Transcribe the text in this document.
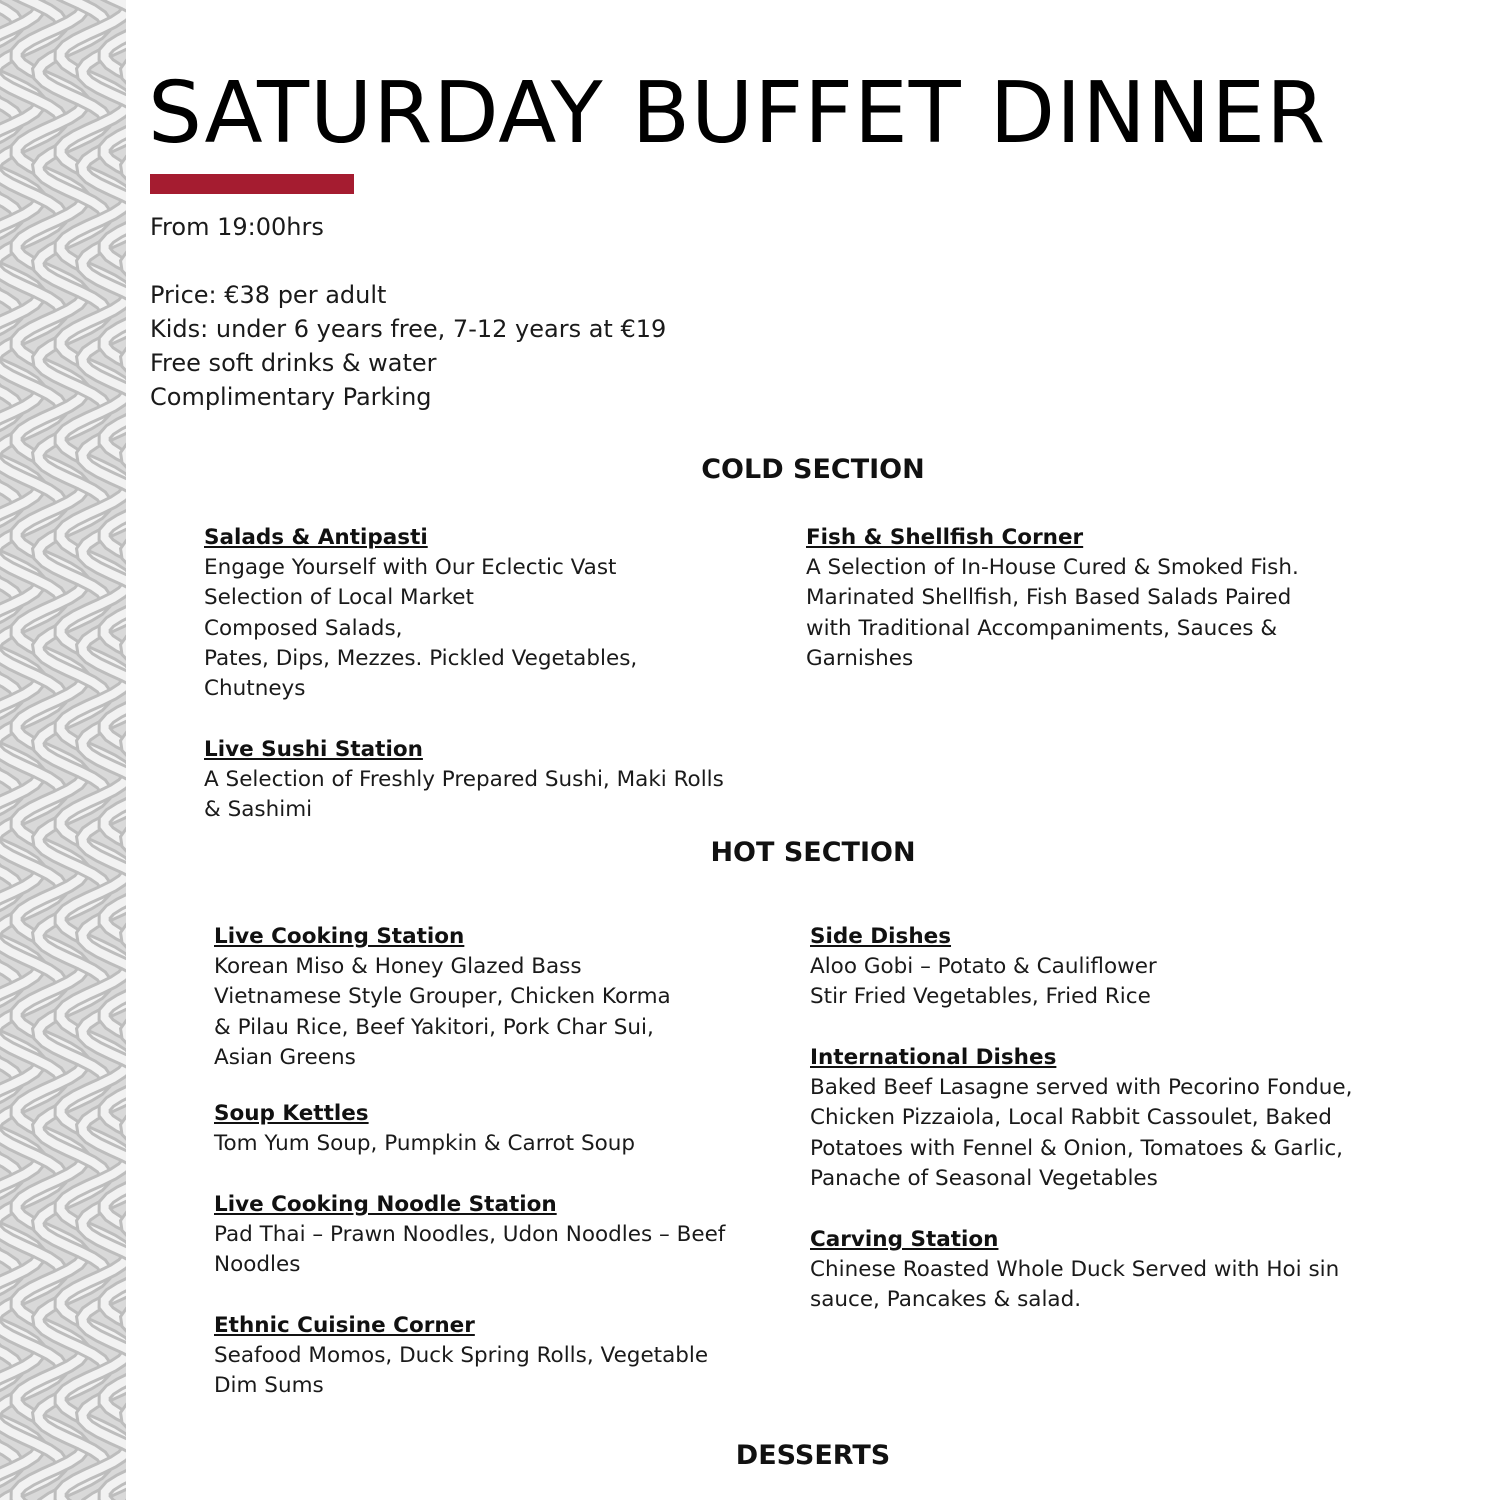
SATURDAY BUFFET DINNER

From 19:00hrs

Price: €38 per adult

Kids: under 6 years free, 7-12 years at €19

Free soft drinks & water

Complimentary Parking

COLD SECTION
Salads & Antipasti
Engage Yourself with Our Eclectic Vast
Selection of Local Market
Composed Salads,
Pates, Dips, Mezzes. Pickled Vegetables,
Chutneys
Fish & Shellfish Corner
A Selection of In-House Cured & Smoked Fish.
Marinated Shellfish, Fish Based Salads Paired
with Traditional Accompaniments, Sauces &
Garnishes
Live Sushi Station
A Selection of Freshly Prepared Sushi, Maki Rolls
& Sashimi
HOT SECTION
Live Cooking Station
Korean Miso & Honey Glazed Bass
Vietnamese Style Grouper, Chicken Korma
& Pilau Rice, Beef Yakitori, Pork Char Sui,
Asian Greens
Soup Kettles
Tom Yum Soup, Pumpkin & Carrot Soup
Live Cooking Noodle Station
Pad Thai – Prawn Noodles, Udon Noodles – Beef
Noodles
Ethnic Cuisine Corner
Seafood Momos, Duck Spring Rolls, Vegetable
Dim Sums
Side Dishes
Aloo Gobi – Potato & Cauliflower
Stir Fried Vegetables, Fried Rice
International Dishes
Baked Beef Lasagne served with Pecorino Fondue,
Chicken Pizzaiola, Local Rabbit Cassoulet, Baked
Potatoes with Fennel & Onion, Tomatoes & Garlic,
Panache of Seasonal Vegetables
Carving Station
Chinese Roasted Whole Duck Served with Hoi sin
sauce, Pancakes & salad.
DESSERTS
